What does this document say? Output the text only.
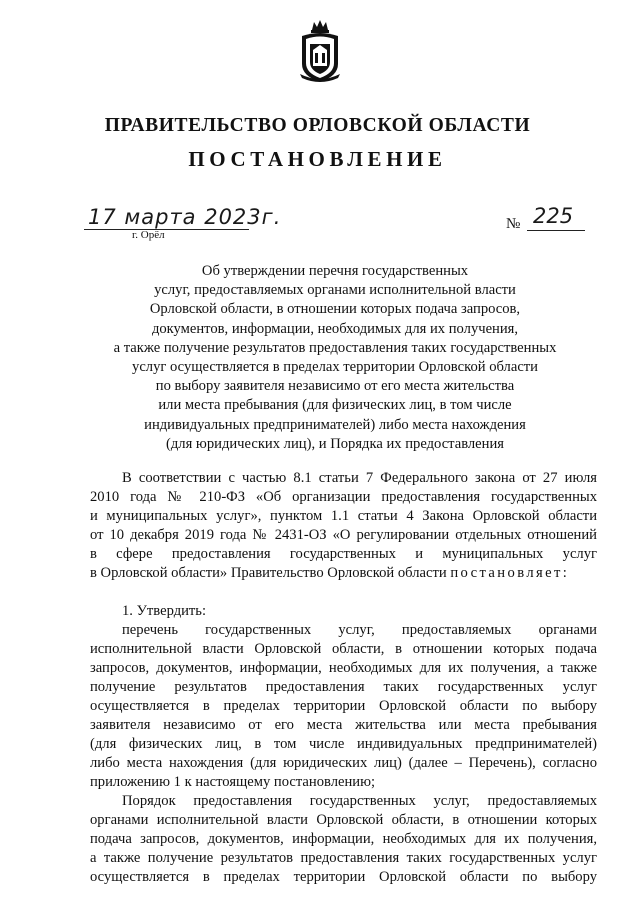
ПРАВИТЕЛЬСТВО ОРЛОВСКОЙ ОБЛАСТИ
ПОСТАНОВЛЕНИЕ
17 марта 2023г.
г. Орёл
№ 225
Об утверждении перечня государственных
услуг, предоставляемых органами исполнительной власти
Орловской области, в отношении которых подача запросов,
документов, информации, необходимых для их получения,
а также получение результатов предоставления таких государственных
услуг осуществляется в пределах территории Орловской области
по выбору заявителя независимо от его места жительства
или места пребывания (для физических лиц, в том числе
индивидуальных предпринимателей) либо места нахождения
(для юридических лиц), и Порядка их предоставления
В соответствии с частью 8.1 статьи 7 Федерального закона от 27 июля
2010 года № 210-ФЗ «Об организации предоставления государственных
и муниципальных услуг», пунктом 1.1 статьи 4 Закона Орловской области
от 10 декабря 2019 года № 2431-ОЗ «О регулировании отдельных отношений
в сфере предоставления государственных и муниципальных услуг
в Орловской области» Правительство Орловской области постановляет:
1. Утвердить:
перечень государственных услуг, предоставляемых органами
исполнительной власти Орловской области, в отношении которых подача
запросов, документов, информации, необходимых для их получения, а также
получение результатов предоставления таких государственных услуг
осуществляется в пределах территории Орловской области по выбору
заявителя независимо от его места жительства или места пребывания
(для физических лиц, в том числе индивидуальных предпринимателей)
либо места нахождения (для юридических лиц) (далее – Перечень), согласно
приложению 1 к настоящему постановлению;
Порядок предоставления государственных услуг, предоставляемых
органами исполнительной власти Орловской области, в отношении которых
подача запросов, документов, информации, необходимых для их получения,
а также получение результатов предоставления таких государственных услуг
осуществляется в пределах территории Орловской области по выбору
